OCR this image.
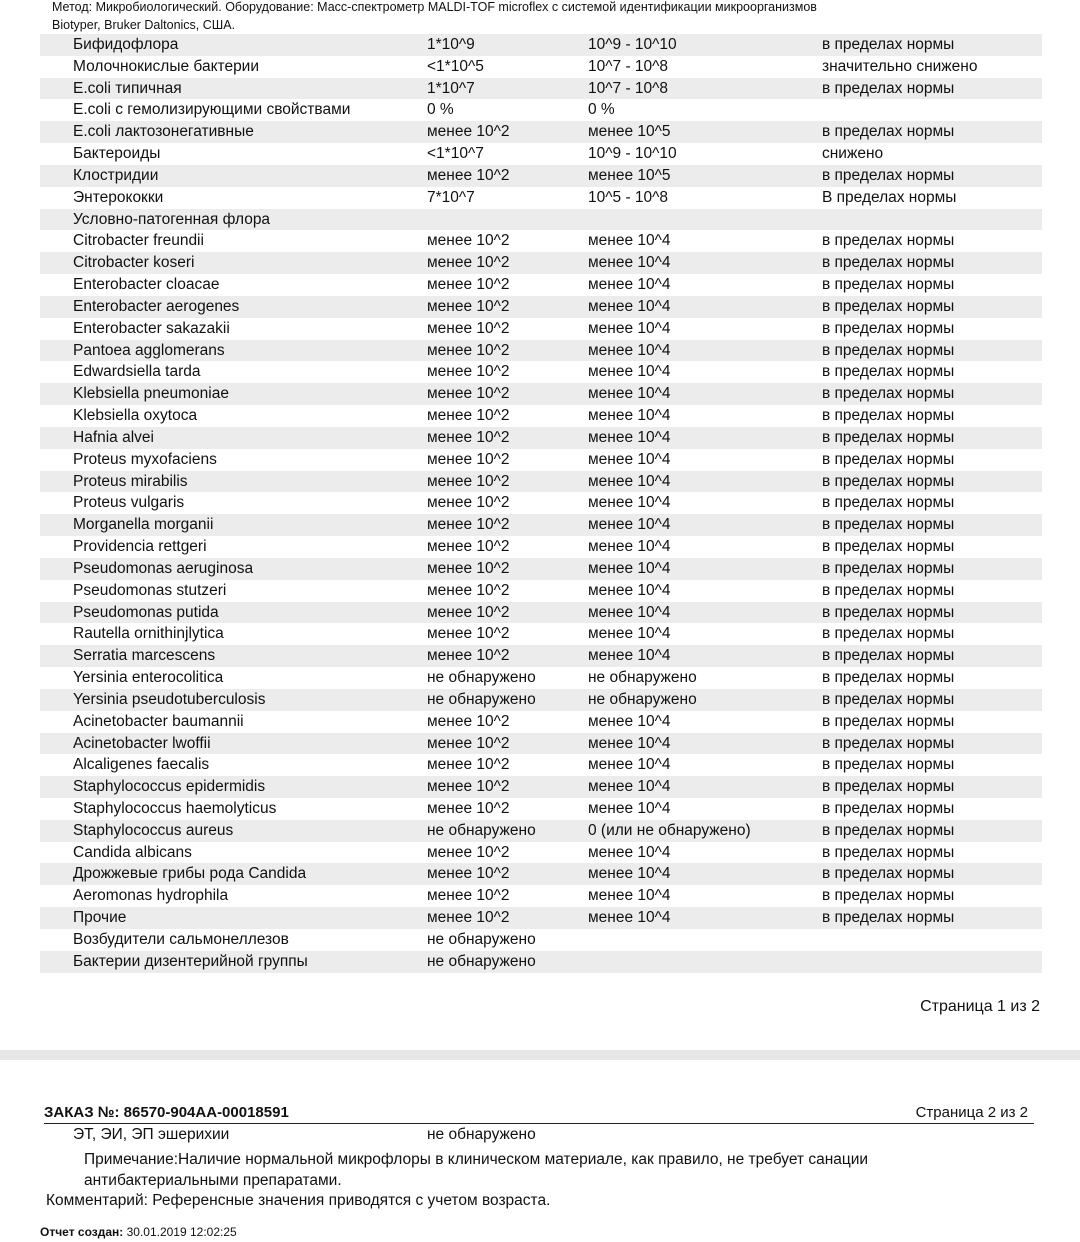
Метод: Микробиологический. Оборудование: Масс-спектрометр MALDI-TOF microflex с системой идентификации микроорганизмов
Biotyper, Bruker Daltonics, США.
Бифидофлора	1*10^9	10^9 - 10^10	в пределах нормы
Молочнокислые бактерии	<1*10^5	10^7 - 10^8	значительно снижено
E.coli типичная	1*10^7	10^7 - 10^8	в пределах нормы
E.coli с гемолизирующими свойствами	0 %	0 %
E.coli лактозонегативные	менее 10^2	менее 10^5	в пределах нормы
Бактероиды	<1*10^7	10^9 - 10^10	снижено
Клостридии	менее 10^2	менее 10^5	в пределах нормы
Энтерококки	7*10^7	10^5 - 10^8	В пределах нормы
Условно-патогенная флора
Citrobacter freundii	менее 10^2	менее 10^4	в пределах нормы
Citrobacter koseri	менее 10^2	менее 10^4	в пределах нормы
Enterobacter cloacae	менее 10^2	менее 10^4	в пределах нормы
Enterobacter aerogenes	менее 10^2	менее 10^4	в пределах нормы
Enterobacter sakazakii	менее 10^2	менее 10^4	в пределах нормы
Pantoea agglomerans	менее 10^2	менее 10^4	в пределах нормы
Edwardsiella tarda	менее 10^2	менее 10^4	в пределах нормы
Klebsiella pneumoniae	менее 10^2	менее 10^4	в пределах нормы
Klebsiella oxytoca	менее 10^2	менее 10^4	в пределах нормы
Hafnia alvei	менее 10^2	менее 10^4	в пределах нормы
Proteus myxofaciens	менее 10^2	менее 10^4	в пределах нормы
Proteus mirabilis	менее 10^2	менее 10^4	в пределах нормы
Proteus vulgaris	менее 10^2	менее 10^4	в пределах нормы
Morganella morganii	менее 10^2	менее 10^4	в пределах нормы
Providencia rettgeri	менее 10^2	менее 10^4	в пределах нормы
Pseudomonas aeruginosa	менее 10^2	менее 10^4	в пределах нормы
Pseudomonas stutzeri	менее 10^2	менее 10^4	в пределах нормы
Pseudomonas putida	менее 10^2	менее 10^4	в пределах нормы
Rautella ornithinjlytica	менее 10^2	менее 10^4	в пределах нормы
Serratia marcescens	менее 10^2	менее 10^4	в пределах нормы
Yersinia enterocolitica	не обнаружено	не обнаружено	в пределах нормы
Yersinia pseudotuberculosis	не обнаружено	не обнаружено	в пределах нормы
Acinetobacter baumannii	менее 10^2	менее 10^4	в пределах нормы
Acinetobacter lwoffii	менее 10^2	менее 10^4	в пределах нормы
Alcaligenes faecalis	менее 10^2	менее 10^4	в пределах нормы
Staphylococcus epidermidis	менее 10^2	менее 10^4	в пределах нормы
Staphylococcus haemolyticus	менее 10^2	менее 10^4	в пределах нормы
Staphylococcus aureus	не обнаружено	0 (или не обнаружено)	в пределах нормы
Candida albicans	менее 10^2	менее 10^4	в пределах нормы
Дрожжевые грибы рода Candida	менее 10^2	менее 10^4	в пределах нормы
Aeromonas hydrophila	менее 10^2	менее 10^4	в пределах нормы
Прочие	менее 10^2	менее 10^4	в пределах нормы
Возбудители сальмонеллезов	не обнаружено
Бактерии дизентерийной группы	не обнаружено
Страница 1 из 2
ЗАКАЗ №: 86570-904АА-00018591	Страница 2 из 2
ЭТ, ЭИ, ЭП эшерихии	не обнаружено
Примечание:Наличие нормальной микрофлоры в клиническом материале, как правило, не требует санации антибактериальными препаратами.
Комментарий: Референсные значения приводятся с учетом возраста.
Отчет создан: 30.01.2019 12:02:25
